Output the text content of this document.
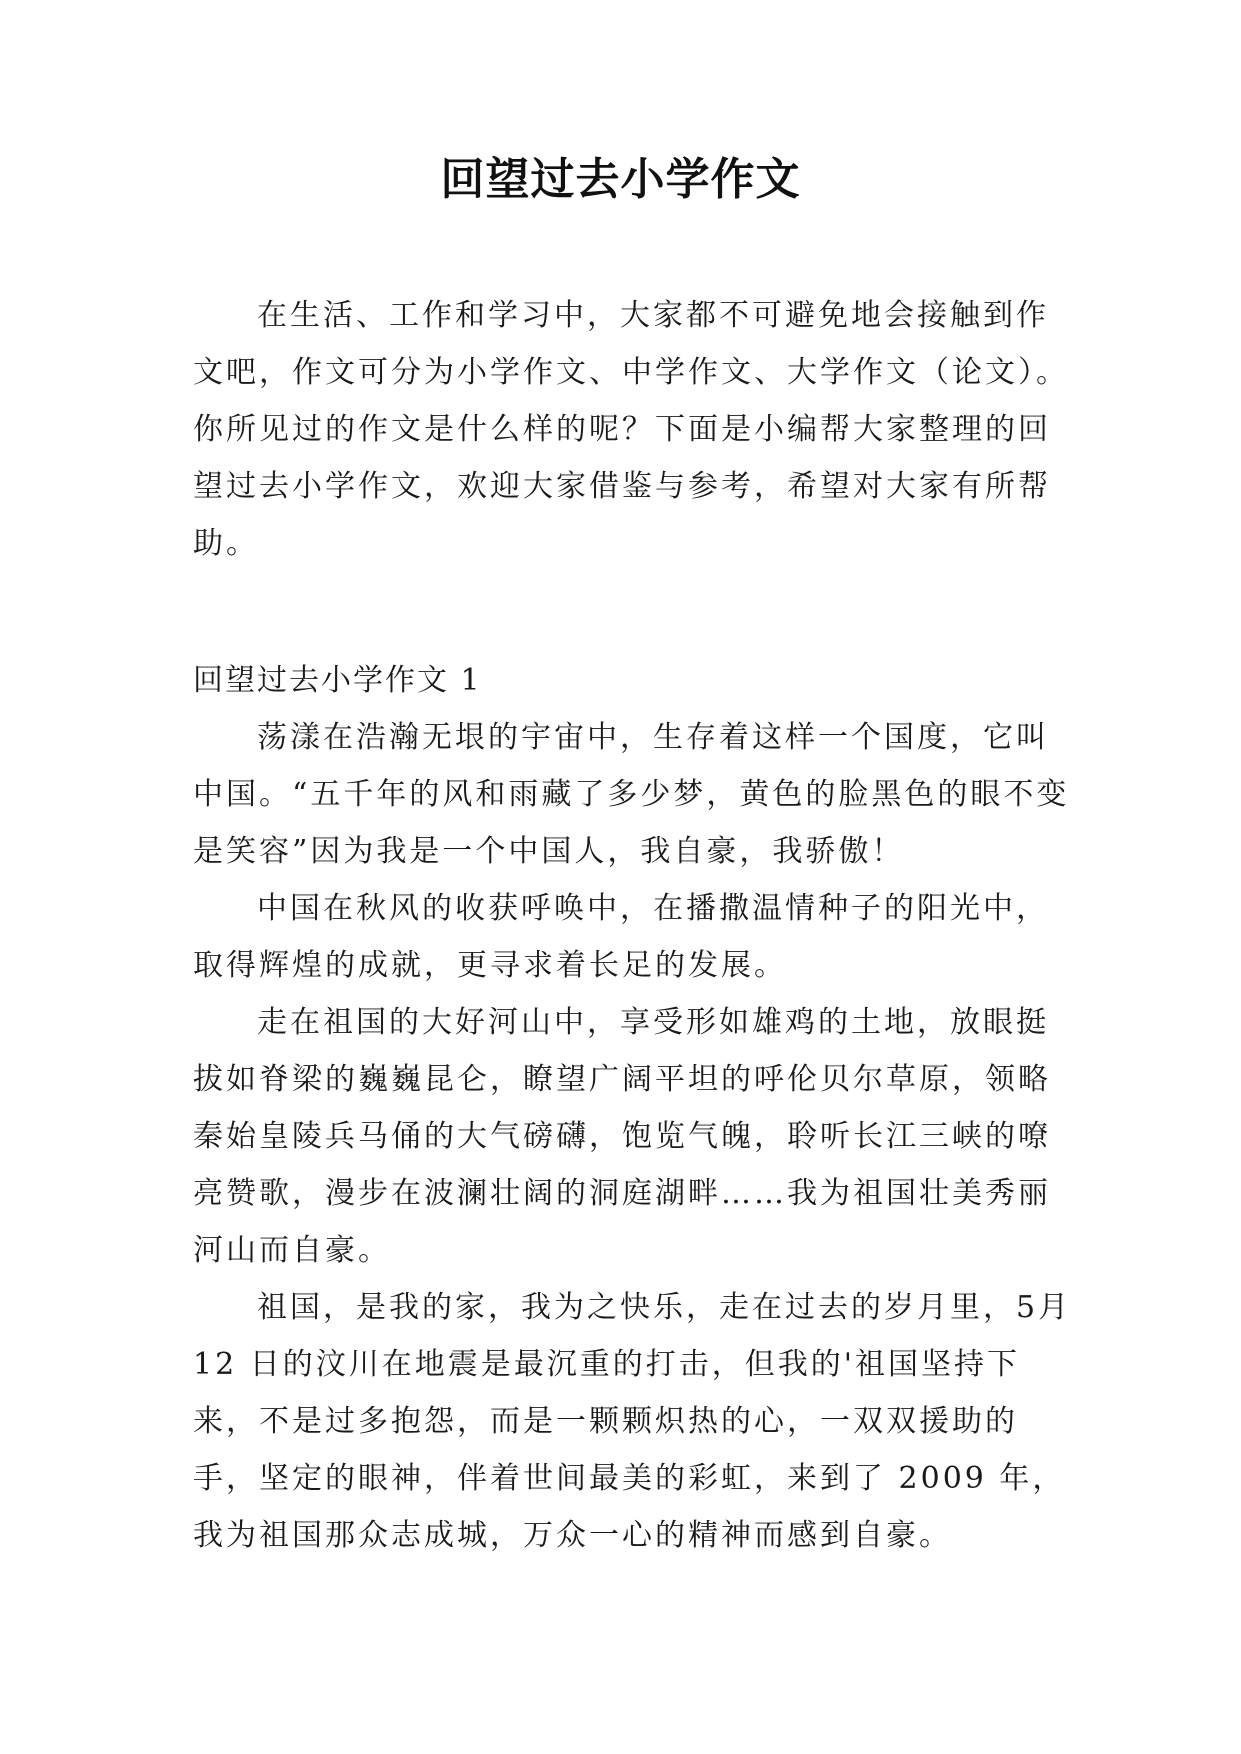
回望过去小学作文

在生活、工作和学习中，大家都不可避免地会接触到作文吧，作文可分为小学作文、中学作文、大学作文（论文）。你所见过的作文是什么样的呢？下面是小编帮大家整理的回望过去小学作文，欢迎大家借鉴与参考，希望对大家有所帮助。

回望过去小学作文 1

荡漾在浩瀚无垠的宇宙中，生存着这样一个国度，它叫中国。“五千年的风和雨藏了多少梦，黄色的脸黑色的眼不变是笑容”因为我是一个中国人，我自豪，我骄傲！

中国在秋风的收获呼唤中，在播撒温情种子的阳光中，取得辉煌的成就，更寻求着长足的发展。

走在祖国的大好河山中，享受形如雄鸡的土地，放眼挺拔如脊梁的巍巍昆仑，瞭望广阔平坦的呼伦贝尔草原，领略秦始皇陵兵马俑的大气磅礴，饱览气魄，聆听长江三峡的嘹亮赞歌，漫步在波澜壮阔的洞庭湖畔……我为祖国壮美秀丽河山而自豪。

祖国，是我的家，我为之快乐，走在过去的岁月里，5月 12 日的汶川在地震是最沉重的打击，但我的'祖国坚持下来，不是过多抱怨，而是一颗颗炽热的心，一双双援助的手，坚定的眼神，伴着世间最美的彩虹，来到了 2009 年，我为祖国那众志成城，万众一心的精神而感到自豪。
